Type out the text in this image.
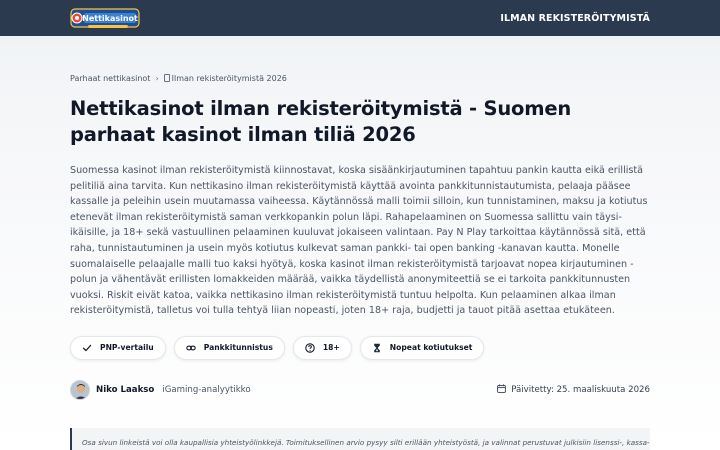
Nettikasinot	ILMAN REKISTERÖITYMISTÄ
Parhaat nettikasinot ›	Ilman rekisteröitymistä 2026
Nettikasinot ilman rekisteröitymistä - Suomen parhaat kasinot ilman tiliä 2026

Suomessa kasinot ilman rekisteröitymistä kiinnostavat, koska sisäänkirjautuminen tapahtuu pankin kautta eikä erillistä pelitiliä aina tarvita. Kun nettikasino ilman rekisteröitymistä käyttää avointa pankkitunnistautumista, pelaaja pääsee kassalle ja peleihin usein muutamassa vaiheessa. Käytännössä malli toimii silloin, kun tunnistaminen, maksu ja kotiutus etenevät ilman rekisteröitymistä saman verkkopankin polun läpi. Rahapelaaminen on Suomessa sallittu vain täysi-ikäisille, ja 18+ sekä vastuullinen pelaaminen kuuluvat jokaiseen valintaan. Pay N Play tarkoittaa käytännössä sitä, että raha, tunnistautuminen ja usein myös kotiutus kulkevat saman pankki- tai open banking -kanavan kautta. Monelle suomalaiselle pelaajalle malli tuo kaksi hyötyä, koska kasinot ilman rekisteröitymistä tarjoavat nopea kirjautuminen -polun ja vähentävät erillisten lomakkeiden määrää, vaikka täydellistä anonymiteettiä se ei tarkoita pankkitunnusten vuoksi. Riskit eivät katoa, vaikka nettikasino ilman rekisteröitymistä tuntuu helpolta. Kun pelaaminen alkaa ilman rekisteröitymistä, talletus voi tulla tehtyä liian nopeasti, joten 18+ raja, budjetti ja tauot pitää asettaa etukäteen.

PNP-vertailu	Pankkitunnistus	18+	Nopeat kotiutukset
Niko Laakso iGaming-analyytikko	Päivitetty: 25. maaliskuuta 2026
Osa sivun linkeistä voi olla kaupallisia yhteistyölinkkejä. Toimituksellinen arvio pysyy silti erillään yhteistyöstä, ja valinnat perustuvat julkisiin lisenssi-, kassa-
